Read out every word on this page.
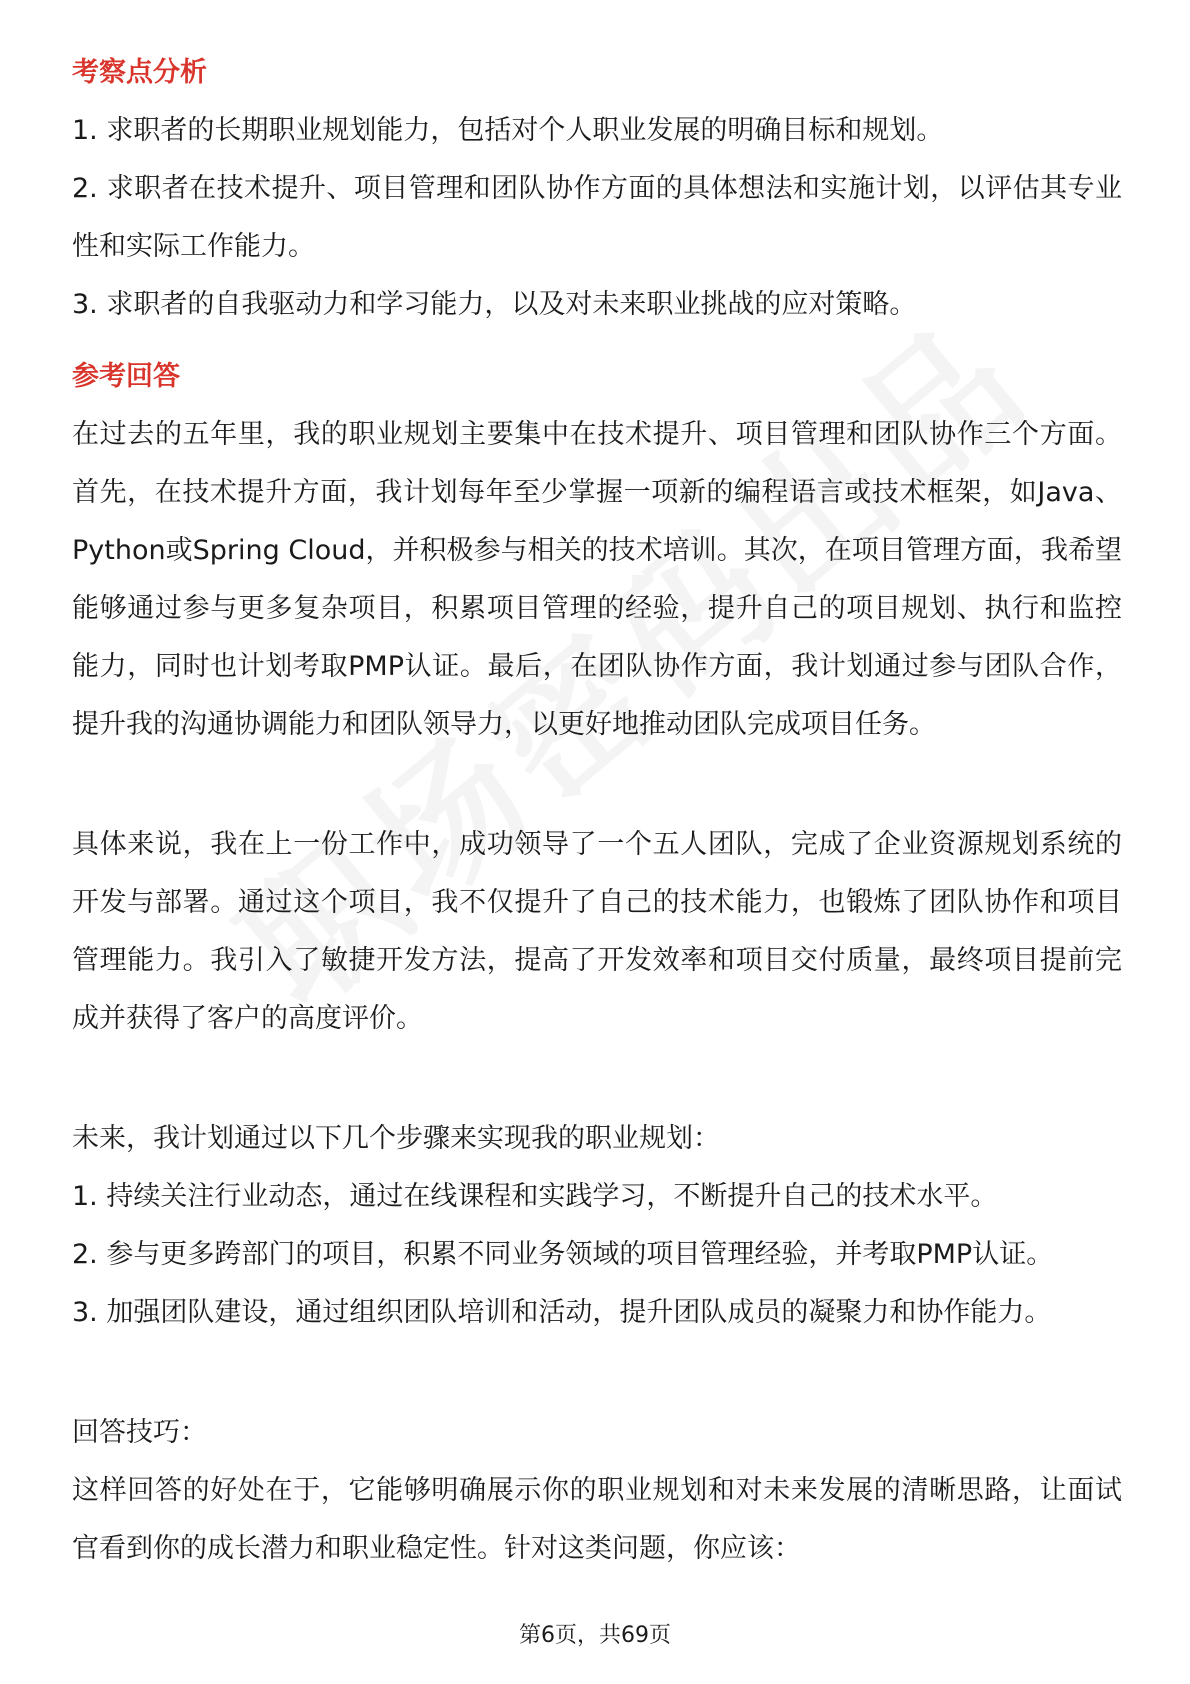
考察点分析

1. 求职者的长期职业规划能力，包括对个人职业发展的明确目标和规划。

2. 求职者在技术提升、项目管理和团队协作方面的具体想法和实施计划，以评估其专业性和实际工作能力。

3. 求职者的自我驱动力和学习能力，以及对未来职业挑战的应对策略。

参考回答

在过去的五年里，我的职业规划主要集中在技术提升、项目管理和团队协作三个方面。首先，在技术提升方面，我计划每年至少掌握一项新的编程语言或技术框架，如Java、Python或Spring Cloud，并积极参与相关的技术培训。其次，在项目管理方面，我希望能够通过参与更多复杂项目，积累项目管理的经验，提升自己的项目规划、执行和监控能力，同时也计划考取PMP认证。最后，在团队协作方面，我计划通过参与团队合作，提升我的沟通协调能力和团队领导力，以更好地推动团队完成项目任务。

具体来说，我在上一份工作中，成功领导了一个五人团队，完成了企业资源规划系统的开发与部署。通过这个项目，我不仅提升了自己的技术能力，也锻炼了团队协作和项目管理能力。我引入了敏捷开发方法，提高了开发效率和项目交付质量，最终项目提前完成并获得了客户的高度评价。

未来，我计划通过以下几个步骤来实现我的职业规划：

1. 持续关注行业动态，通过在线课程和实践学习，不断提升自己的技术水平。

2. 参与更多跨部门的项目，积累不同业务领域的项目管理经验，并考取PMP认证。

3. 加强团队建设，通过组织团队培训和活动，提升团队成员的凝聚力和协作能力。

回答技巧：

这样回答的好处在于，它能够明确展示你的职业规划和对未来发展的清晰思路，让面试官看到你的成长潜力和职业稳定性。针对这类问题，你应该：

第6页，共69页
